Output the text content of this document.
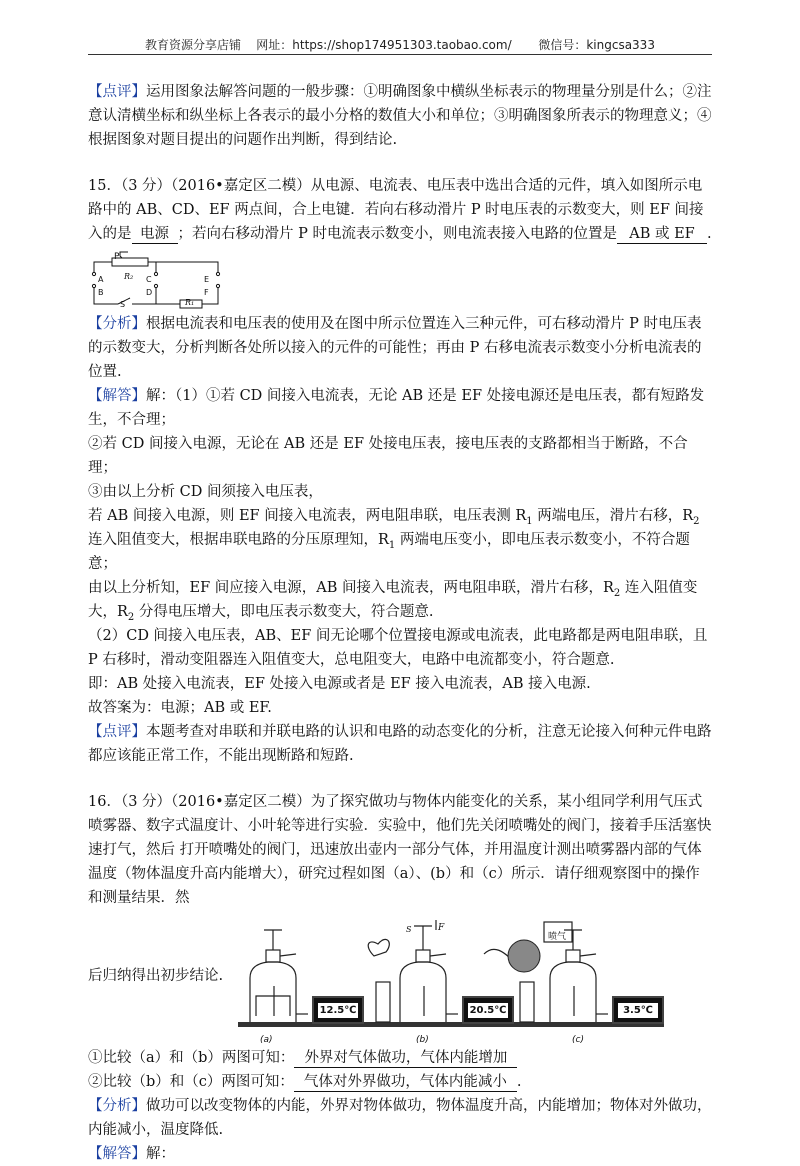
教育资源分享店铺    网址：https://shop174951303.taobao.com/       微信号：kingcsa333

【点评】运用图象法解答问题的一般步骤：①明确图象中横纵坐标表示的物理量分别是什么；②注意认清横坐标和纵坐标上各表示的最小分格的数值大小和单位；③明确图象所表示的物理意义；④根据图象对题目提出的问题作出判断，得到结论.

15．（3 分）（2016•嘉定区二模）从电源、电流表、电压表中选出合适的元件，填入如图所示电路中的 AB、CD、EF 两点间，合上电键．若向右移动滑片 P 时电压表的示数变大，则 EF 间接入的是 电源 ；若向右移动滑片 P 时电流表示数变小，则电流表接入电路的位置是 AB 或 EF .

P
R₂
A
B
C
D
E
F
S	R₁

【分析】根据电流表和电压表的使用及在图中所示位置连入三种元件，可右移动滑片 P 时电压表的示数变大，分析判断各处所以接入的元件的可能性；再由 P 右移电流表示数变小分析电流表的位置.

【解答】解：（1）①若 CD 间接入电流表，无论 AB 还是 EF 处接电源还是电压表，都有短路发生，不合理；

②若 CD 间接入电源，无论在 AB 还是 EF 处接电压表，接电压表的支路都相当于断路，不合理；

③由以上分析 CD 间须接入电压表，

若 AB 间接入电源，则 EF 间接入电流表，两电阻串联，电压表测 $R_1$ 两端电压，滑片右移，$R_2$ 连入阻值变大，根据串联电路的分压原理知，$R_1$ 两端电压变小，即电压表示数变小，不符合题意；

由以上分析知，EF 间应接入电源，AB 间接入电流表，两电阻串联，滑片右移，$R_2$ 连入阻值变大，$R_2$ 分得电压增大，即电压表示数变大，符合题意.

（2）CD 间接入电压表，AB、EF 间无论哪个位置接电源或电流表，此电路都是两电阻串联，且 P 右移时，滑动变阻器连入阻值变大，总电阻变大，电路中电流都变小，符合题意.

即：AB 处接入电流表，EF 处接入电源或者是 EF 接入电流表，AB 接入电源.

故答案为：电源；AB 或 EF.

【点评】本题考查对串联和并联电路的认识和电路的动态变化的分析，注意无论接入何种元件电路都应该能正常工作，不能出现断路和短路.

16．（3 分）（2016•嘉定区二模）为了探究做功与物体内能变化的关系，某小组同学利用气压式喷雾器、数字式温度计、小叶轮等进行实验．实验中，他们先关闭喷嘴处的阀门，接着手压活塞快速打气，然后 打开喷嘴处的阀门，迅速放出壶内一部分气体，并用温度计测出喷雾器内部的气体温度（物体温度升高内能增大），研究过程如图（a）、(b）和（c）所示．请仔细观察图中的操作和测量结果．然

后归纳得出初步结论.
12.5℃	20.5℃	3.5℃
(a)	(b)	(c)
F
S
喷气

①比较（a）和（b）两图可知： 外界对气体做功，气体内能增加

②比较（b）和（c）两图可知： 气体对外界做功，气体内能减小 .

【分析】做功可以改变物体的内能，外界对物体做功，物体温度升高，内能增加；物体对外做功，内能减小，温度降低.

【解答】解：
